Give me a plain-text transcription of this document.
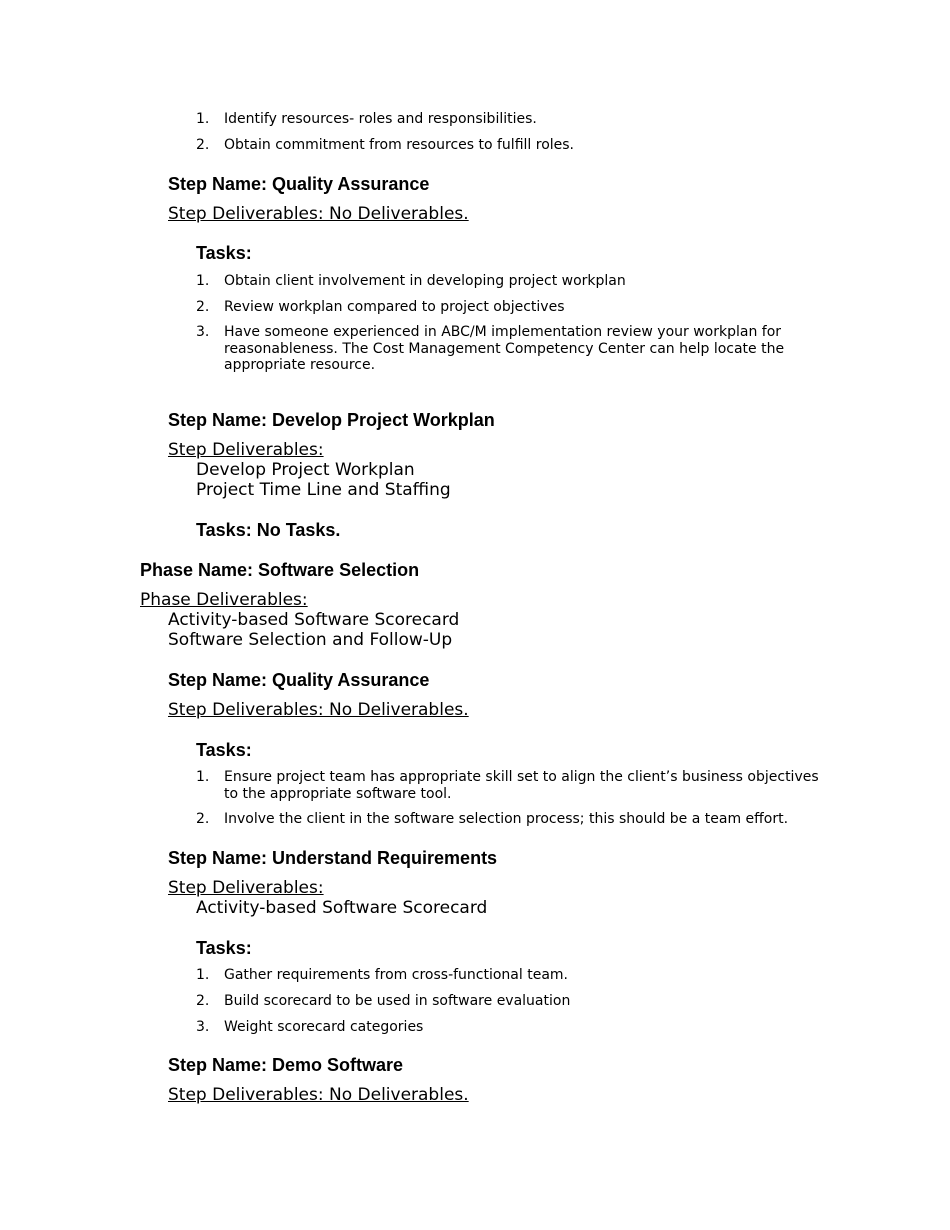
1. Identify resources- roles and responsibilities.
2. Obtain commitment from resources to fulfill roles.
Step Name: Quality Assurance
Step Deliverables: No Deliverables.
Tasks:
1. Obtain client involvement in developing project workplan
2. Review workplan compared to project objectives
3. Have someone experienced in ABC/M implementation review your workplan for reasonableness. The Cost Management Competency Center can help locate the appropriate resource.
Step Name: Develop Project Workplan
Step Deliverables:
Develop Project Workplan
Project Time Line and Staffing
Tasks: No Tasks.
Phase Name: Software Selection
Phase Deliverables:
Activity-based Software Scorecard
Software Selection and Follow-Up
Step Name: Quality Assurance
Step Deliverables: No Deliverables.
Tasks:
1. Ensure project team has appropriate skill set to align the client’s business objectives to the appropriate software tool.
2. Involve the client in the software selection process; this should be a team effort.
Step Name: Understand Requirements
Step Deliverables:
Activity-based Software Scorecard
Tasks:
1. Gather requirements from cross-functional team.
2. Build scorecard to be used in software evaluation
3. Weight scorecard categories
Step Name: Demo Software
Step Deliverables: No Deliverables.
